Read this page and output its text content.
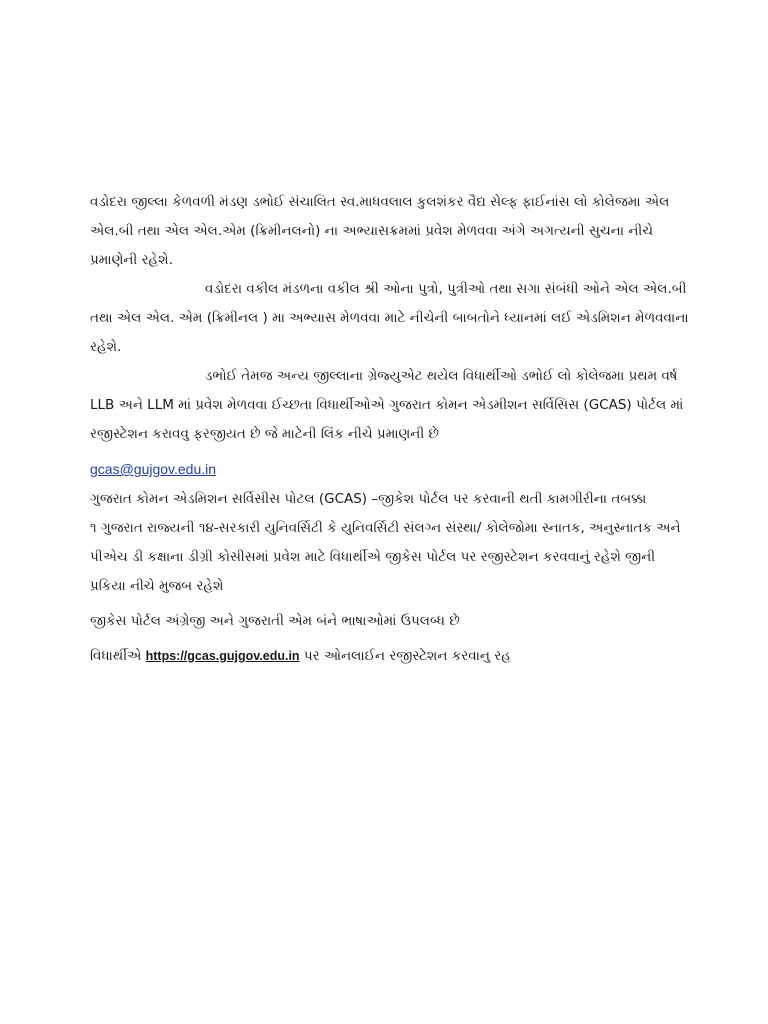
વડોદરા જીલ્લા કેળવળી મંડણ ડભોઈ સંચાલિત સ્વ.માધવલાલ કુલશંકર વૈદ્ય સેલ્ફ ફાઈનાંસ લો કોલેજમા એલ એલ.બી તથા એલ એલ.એમ (ક્રિમીનલનો) ના અભ્યાસક્રમમાં પ્રવેશ મેળવવા અંગે અગત્યની સુચના નીચે પ્રમાણેની રહેશે.

વડોદરા વકીલ મંડળના વકીલ શ્રી ઓના પુત્રો, પુત્રીઓ તથા સગા સંબંધી ઓને એલ એલ.બી તથા એલ એલ. એમ (ક્રિમીનલ ) મા અભ્યાસ મેળવવા માટે નીચેની બાબતોને ધ્યાનમાં લઈ એડમિશન મેળવવાના રહેશે.

ડભોઈ તેમજ અન્ય જીલ્લાના ગ્રેજ્યુએટ થયેલ વિધાર્થીઓ ડભોઈ લો કોલેજમા પ્રથમ વર્ષ LLB અને LLM માં પ્રવેશ મેળવવા ઈચ્છતા વિધાર્થીઓએ ગુજરાત કોમન એડમીશન સર્વિસિસ (GCAS) પોર્ટલ માં રજીસ્ટેશન કરાવવુ ફરજીયત છે જે માટેની લિંક નીચે પ્રમાણની છે

gcas@gujgov.edu.in

ગુજરાત કોમન એડમિશન સર્વિસીસ પોટલ (GCAS) –જીકેશ પોર્ટલ પર કરવાની થતી કામગીરીના તબક્કા

૧ ગુજરાત રાજ્યની ૧૪-સરકારી યુનિવર્સિટી કે યુનિવર્સિટી સંલગ્ન સંસ્થા/ કોલેજોમા સ્નાતક, અનુસ્નાતક અને પીએચ ડી કક્ષાના ડીગ્રી કોસીસમાં પ્રવેશ માટે વિધાર્થીએ જીકેસ પોર્ટલ પર રજીસ્ટેશન કરવવાનું રહેશે જીની પ્રકિયા નીચે મુજબ રહેશે

જીકેસ પોર્ટલ અંગ્રેજી અને ગુજરાતી એમ બંને ભાષાઓમાં ઉપલબ્ધ છે

વિધાર્થીએ https://gcas.gujgov.edu.in પર ઓનલાઈન રજીસ્ટેશન કરવાનુ રહ
